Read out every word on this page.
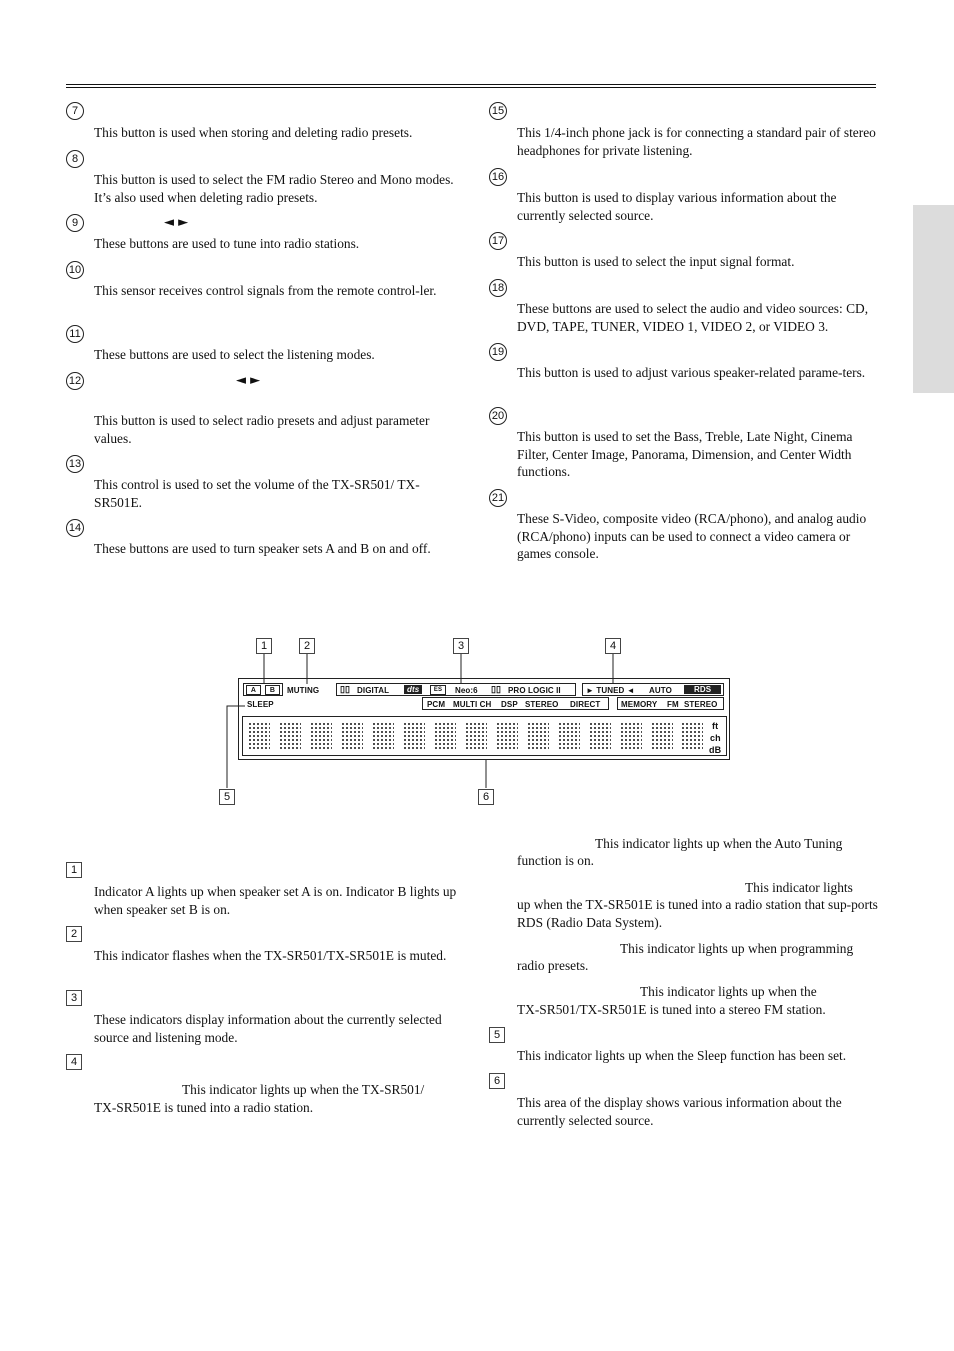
7

This button is used when storing and deleting radio presets.

8

This button is used to select the FM radio Stereo and Mono modes. It’s also used when deleting radio presets.

9	◄ ►

These buttons are used to tune into radio stations.

10

This sensor receives control signals from the remote control-ler.

11

These buttons are used to select the listening modes.

12	◄ ►

This button is used to select radio presets and adjust parameter values.

13

This control is used to set the volume of the TX-SR501/ TX-SR501E.

14

These buttons are used to turn speaker sets A and B on and off.

15

This 1/4-inch phone jack is for connecting a standard pair of stereo headphones for private listening.

16

This button is used to display various information about the currently selected source.

17

This button is used to select the input signal format.

18

These buttons are used to select the audio and video sources: CD, DVD, TAPE, TUNER, VIDEO 1, VIDEO 2, or VIDEO 3.

19

This button is used to adjust various speaker-related parame-ters.

20

This button is used to set the Bass, Treble, Late Night, Cinema Filter, Center Image, Panorama, Dimension, and Center Width functions.

21

These S-Video, composite video (RCA/phono), and analog audio (RCA/phono) inputs can be used to connect a video camera or games console.

1	2	3	4
5	6
A	B	MUTING
SLEEP
▯▯ DIGITAL	dts	ES	Neo:6 ▯▯ PRO LOGIC II
PCM MULTI CH DSP STEREO DIRECT
► TUNED ◄ AUTO	RDS
MEMORY FM STEREO
ft
ch
dB
1

Indicator A lights up when speaker set A is on. Indicator B lights up when speaker set B is on.

2

This indicator flashes when the TX-SR501/TX-SR501E is muted.

3

These indicators display information about the currently selected source and listening mode.

4

This indicator lights up when the TX-SR501/

TX-SR501E is tuned into a radio station.

This indicator lights up when the Auto Tuning

function is on.

This indicator lights

up when the TX-SR501E is tuned into a radio station that sup-ports RDS (Radio Data System).

This indicator lights up when programming

radio presets.

This indicator lights up when the

TX-SR501/TX-SR501E is tuned into a stereo FM station.

5

This indicator lights up when the Sleep function has been set.

6

This area of the display shows various information about the currently selected source.
